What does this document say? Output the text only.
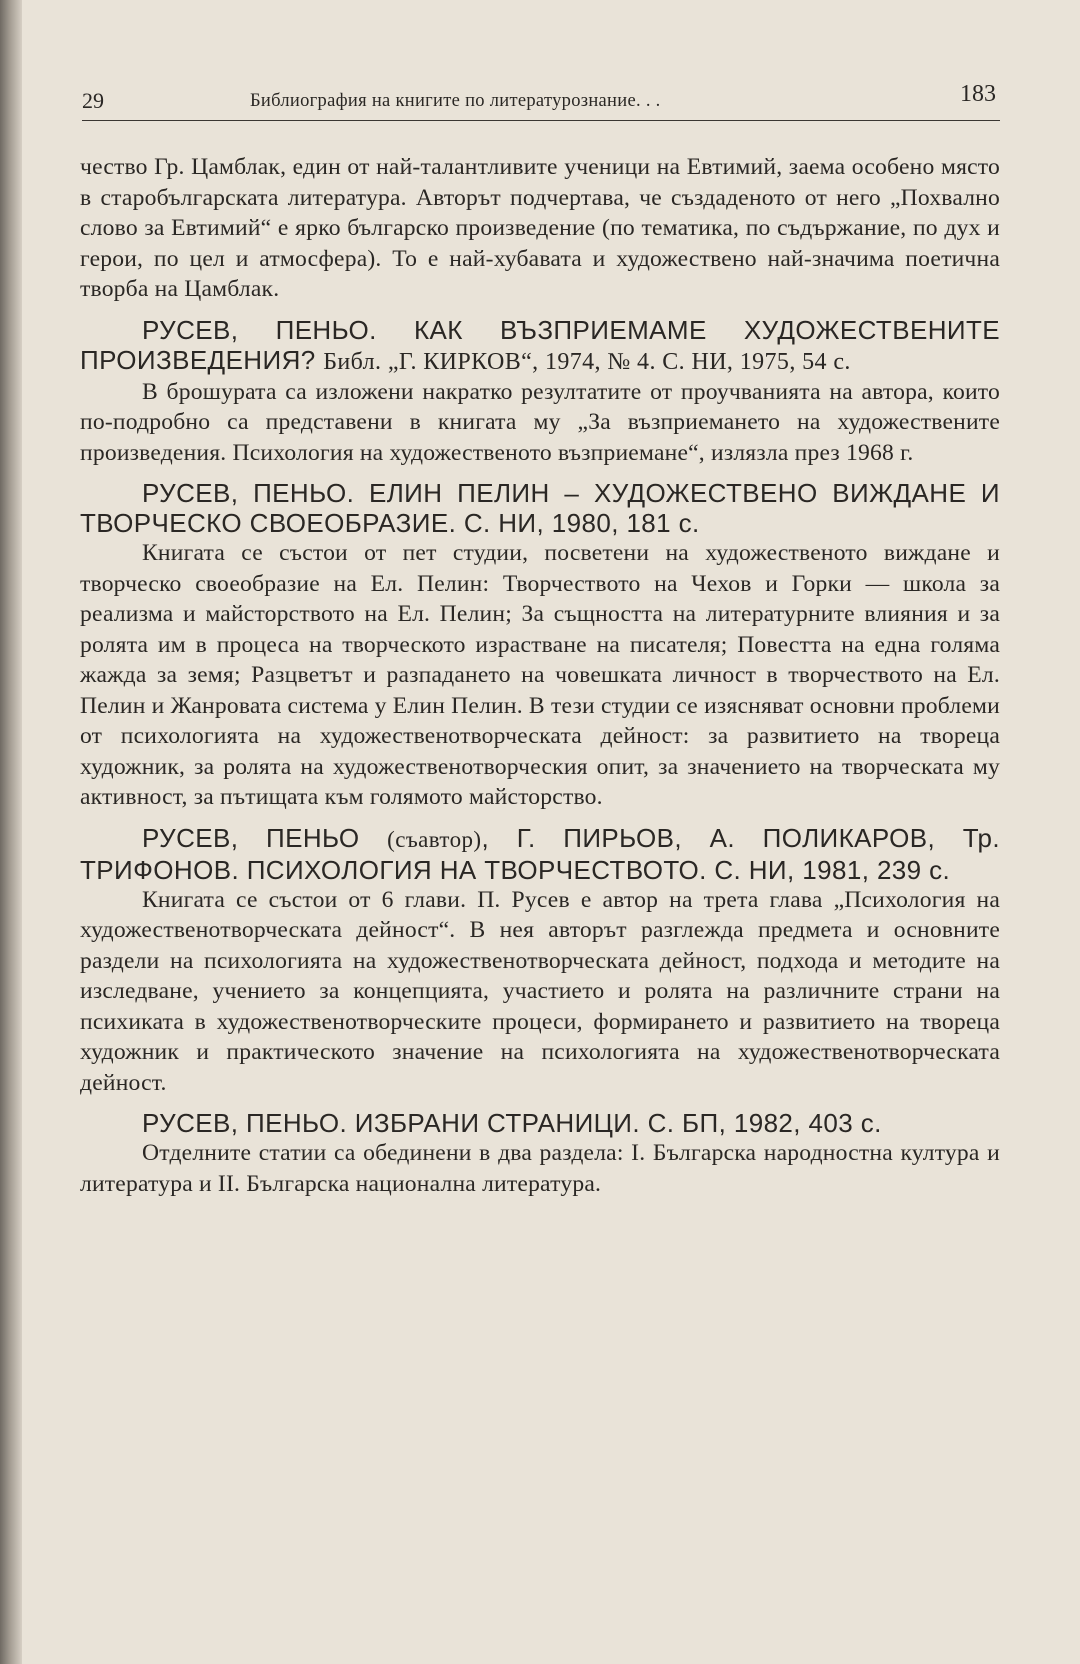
29	Библиография на книгите по литературознание. . .	183

чество Гр. Цамблак, един от най-талантливите ученици на Евтимий, заема особено място в старобългарската литература. Авторът подчертава, че създаденото от него „Похвално слово за Евтимий“ е ярко българско произведение (по тематика, по съдържание, по дух и герои, по цел и атмосфера). То е най-хубавата и художествено най-значима поетична творба на Цамблак.

РУСЕВ, ПЕНЬО. КАК ВЪЗПРИЕМАМЕ ХУДОЖЕСТВЕНИТЕ ПРОИЗВЕДЕНИЯ? Библ. „Г. КИРКОВ“, 1974, № 4. С. НИ, 1975, 54 с.

В брошурата са изложени накратко резултатите от проучванията на автора, които по-подробно са представени в книгата му „За възприемането на художествените произведения. Психология на художественото възприемане“, излязла през 1968 г.

РУСЕВ, ПЕНЬО. ЕЛИН ПЕЛИН – ХУДОЖЕСТВЕНО ВИЖДАНЕ И ТВОРЧЕСКО СВОЕОБРАЗИЕ. С. НИ, 1980, 181 с.

Книгата се състои от пет студии, посветени на художественото виждане и творческо своеобразие на Ел. Пелин: Творчеството на Чехов и Горки — школа за реализма и майсторството на Ел. Пелин; За същността на литературните влияния и за ролята им в процеса на творческото израстване на писателя; Повестта на една голяма жажда за земя; Разцветът и разпадането на човешката личност в творчеството на Ел. Пелин и Жанровата система у Елин Пелин. В тези студии се изясняват основни проблеми от психологията на художественотворческата дейност: за развитието на твореца художник, за ролята на художественотворческия опит, за значението на творческата му активност, за пътищата към голямото майсторство.

РУСЕВ, ПЕНЬО (съавтор), Г. ПИРЬОВ, А. ПОЛИКАРОВ, Тр. ТРИФОНОВ. ПСИХОЛОГИЯ НА ТВОРЧЕСТВОТО. С. НИ, 1981, 239 с.

Книгата се състои от 6 глави. П. Русев е автор на трета глава „Психология на художественотворческата дейност“. В нея авторът разглежда предмета и основните раздели на психологията на художественотворческата дейност, подхода и методите на изследване, учението за концепцията, участието и ролята на различните страни на психиката в художественотворческите процеси, формирането и развитието на твореца художник и практическото значение на психологията на художественотворческата дейност.

РУСЕВ, ПЕНЬО. ИЗБРАНИ СТРАНИЦИ. С. БП, 1982, 403 с.

Отделните статии са обединени в два раздела: I. Българска народностна култура и литература и II. Българска национална литература.
